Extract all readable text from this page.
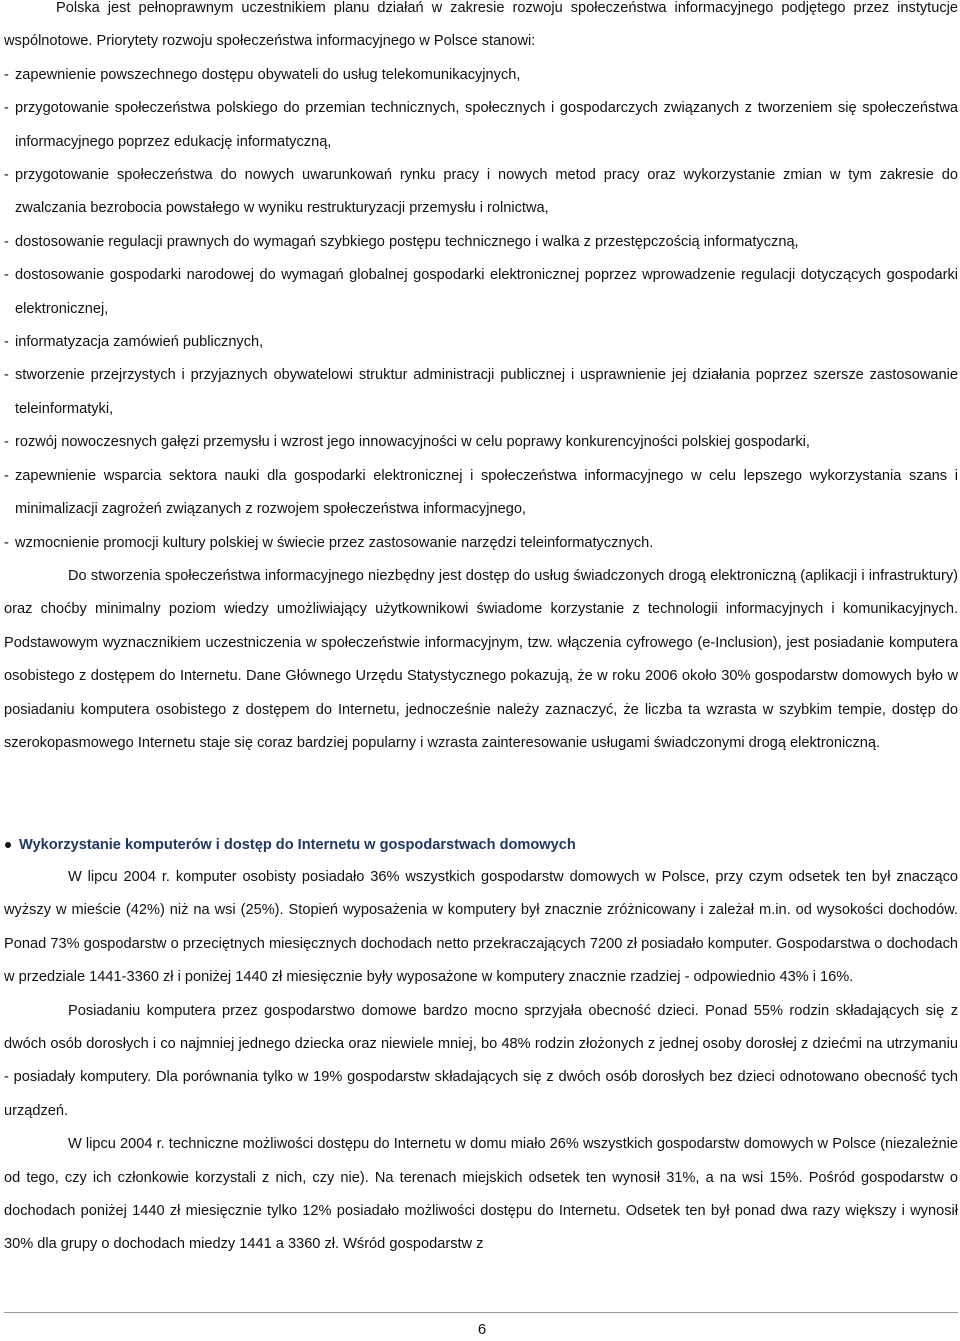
Polska jest pełnoprawnym uczestnikiem planu działań w zakresie rozwoju społeczeństwa informacyjnego podjętego przez instytucje wspólnotowe. Priorytety rozwoju społeczeństwa informacyjnego w Polsce stanowi:

- zapewnienie powszechnego dostępu obywateli do usług telekomunikacyjnych,
- przygotowanie społeczeństwa polskiego do przemian technicznych, społecznych i gospodarczych związanych z tworzeniem się społeczeństwa informacyjnego poprzez edukację informatyczną,
- przygotowanie społeczeństwa do nowych uwarunkowań rynku pracy i nowych metod pracy oraz wykorzystanie zmian w tym zakresie do zwalczania bezrobocia powstałego w wyniku restrukturyzacji przemysłu i rolnictwa,
- dostosowanie regulacji prawnych do wymagań szybkiego postępu technicznego i walka z przestępczością informatyczną,
- dostosowanie gospodarki narodowej do wymagań globalnej gospodarki elektronicznej poprzez wprowadzenie regulacji dotyczących gospodarki elektronicznej,
- informatyzacja zamówień publicznych,
- stworzenie przejrzystych i przyjaznych obywatelowi struktur administracji publicznej i usprawnienie jej działania poprzez szersze zastosowanie teleinformatyki,
- rozwój nowoczesnych gałęzi przemysłu i wzrost jego innowacyjności w celu poprawy konkurencyjności polskiej gospodarki,
- zapewnienie wsparcia sektora nauki dla gospodarki elektronicznej i społeczeństwa informacyjnego w celu lepszego wykorzystania szans i minimalizacji zagrożeń związanych z rozwojem społeczeństwa informacyjnego,
- wzmocnienie promocji kultury polskiej w świecie przez zastosowanie narzędzi teleinformatycznych.

Do stworzenia społeczeństwa informacyjnego niezbędny jest dostęp do usług świadczonych drogą elektroniczną (aplikacji i infrastruktury) oraz choćby minimalny poziom wiedzy umożliwiający użytkownikowi świadome korzystanie z technologii informacyjnych i komunikacyjnych. Podstawowym wyznacznikiem uczestniczenia w społeczeństwie informacyjnym, tzw. włączenia cyfrowego (e-Inclusion), jest posiadanie komputera osobistego z dostępem do Internetu. Dane Głównego Urzędu Statystycznego pokazują, że w roku 2006 około 30% gospodarstw domowych było w posiadaniu komputera osobistego z dostępem do Internetu, jednocześnie należy zaznaczyć, że liczba ta wzrasta w szybkim tempie, dostęp do szerokopasmowego Internetu staje się coraz bardziej popularny i wzrasta zainteresowanie usługami świadczonymi drogą elektroniczną.

Wykorzystanie komputerów i dostęp do Internetu w gospodarstwach domowych

W lipcu 2004 r. komputer osobisty posiadało 36% wszystkich gospodarstw domowych w Polsce, przy czym odsetek ten był znacząco wyższy w mieście (42%) niż na wsi (25%). Stopień wyposażenia w komputery był znacznie zróżnicowany i zależał m.in. od wysokości dochodów. Ponad 73% gospodarstw o przeciętnych miesięcznych dochodach netto przekraczających 7200 zł posiadało komputer. Gospodarstwa o dochodach w przedziale 1441-3360 zł i poniżej 1440 zł miesięcznie były wyposażone w komputery znacznie rzadziej - odpowiednio 43% i 16%.

Posiadaniu komputera przez gospodarstwo domowe bardzo mocno sprzyjała obecność dzieci. Ponad 55% rodzin składających się z dwóch osób dorosłych i co najmniej jednego dziecka oraz niewiele mniej, bo 48% rodzin złożonych z jednej osoby dorosłej z dziećmi na utrzymaniu - posiadały komputery. Dla porównania tylko w 19% gospodarstw składających się z dwóch osób dorosłych bez dzieci odnotowano obecność tych urządzeń.

W lipcu 2004 r. techniczne możliwości dostępu do Internetu w domu miało 26% wszystkich gospodarstw domowych w Polsce (niezależnie od tego, czy ich członkowie korzystali z nich, czy nie). Na terenach miejskich odsetek ten wynosił 31%, a na wsi 15%. Pośród gospodarstw o dochodach poniżej 1440 zł miesięcznie tylko 12% posiadało możliwości dostępu do Internetu. Odsetek ten był ponad dwa razy większy i wynosił 30% dla grupy o dochodach miedzy 1441 a 3360 zł. Wśród gospodarstw z

6
